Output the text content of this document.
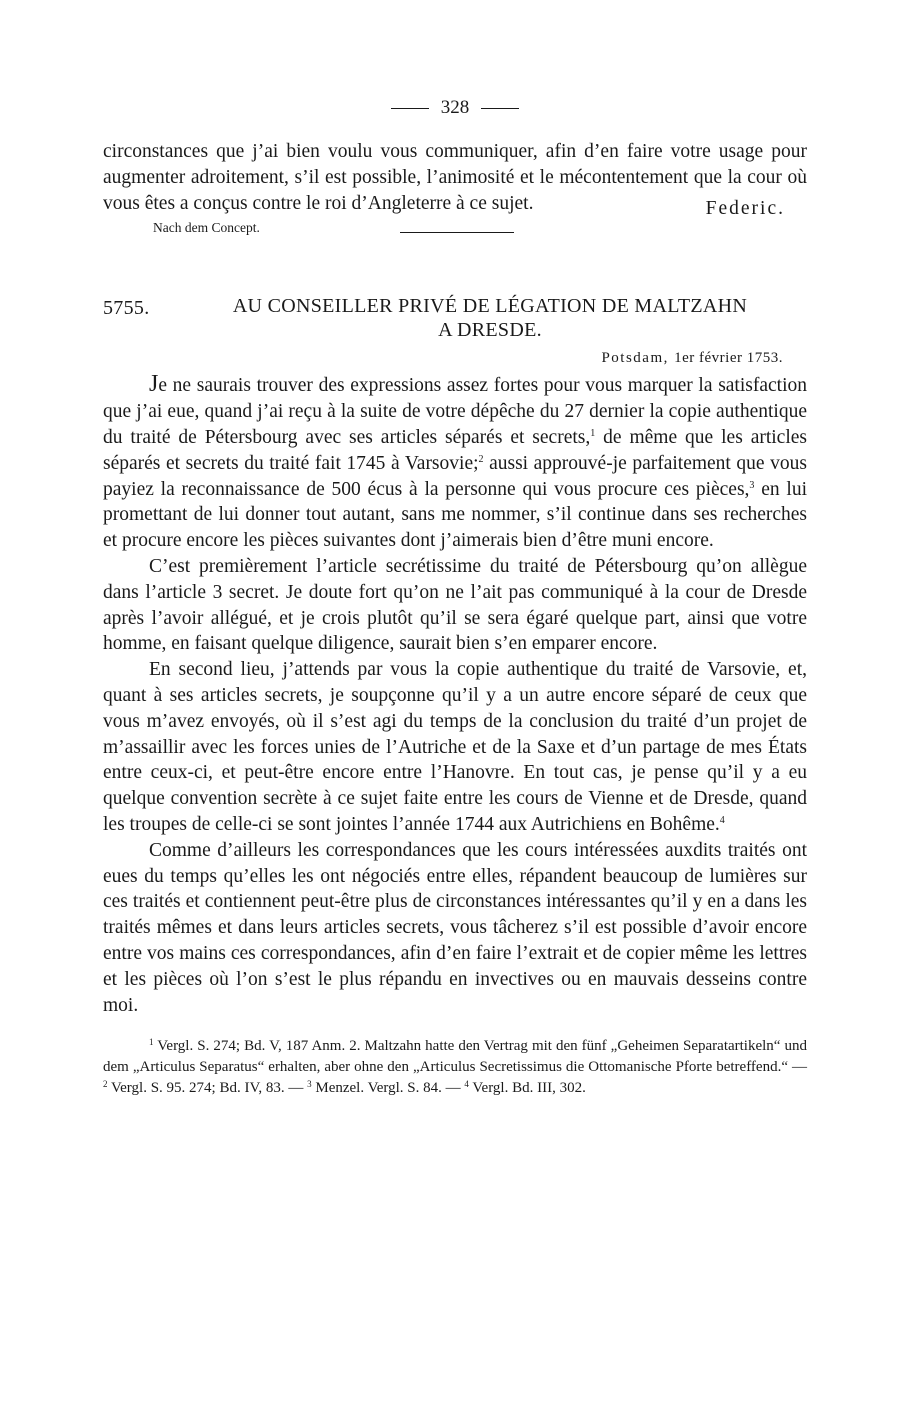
328

circonstances que j’ai bien voulu vous communiquer, afin d’en faire votre usage pour augmenter adroitement, s’il est possible, l’animosité et le mécontentement que la cour où vous êtes a conçus contre le roi d’Angleterre à ce sujet.	Federic.
Nach dem Concept.
5755.	AU CONSEILLER PRIVÉ DE LÉGATION DE MALTZAHN
A DRESDE.
Potsdam, 1er février 1753.

Je ne saurais trouver des expressions assez fortes pour vous marquer la satisfaction que j’ai eue, quand j’ai reçu à la suite de votre dépêche du 27 dernier la copie authentique du traité de Pétersbourg avec ses articles séparés et secrets,$^1$ de même que les articles séparés et secrets du traité fait 1745 à Varsovie;$^2$ aussi approuvé-je parfaitement que vous payiez la reconnaissance de 500 écus à la personne qui vous procure ces pièces,$^3$ en lui promettant de lui donner tout autant, sans me nommer, s’il continue dans ses recherches et procure encore les pièces suivantes dont j’aimerais bien d’être muni encore.

C’est premièrement l’article secrétissime du traité de Pétersbourg qu’on allègue dans l’article 3 secret. Je doute fort qu’on ne l’ait pas communiqué à la cour de Dresde après l’avoir allégué, et je crois plutôt qu’il se sera égaré quelque part, ainsi que votre homme, en faisant quelque diligence, saurait bien s’en emparer encore.

En second lieu, j’attends par vous la copie authentique du traité de Varsovie, et, quant à ses articles secrets, je soupçonne qu’il y a un autre encore séparé de ceux que vous m’avez envoyés, où il s’est agi du temps de la conclusion du traité d’un projet de m’assaillir avec les forces unies de l’Autriche et de la Saxe et d’un partage de mes États entre ceux-ci, et peut-être encore entre l’Hanovre. En tout cas, je pense qu’il y a eu quelque convention secrète à ce sujet faite entre les cours de Vienne et de Dresde, quand les troupes de celle-ci se sont jointes l’année 1744 aux Autrichiens en Bohême.$^4$

Comme d’ailleurs les correspondances que les cours intéressées auxdits traités ont eues du temps qu’elles les ont négociés entre elles, répandent beaucoup de lumières sur ces traités et contiennent peut-être plus de circonstances intéressantes qu’il y en a dans les traités mêmes et dans leurs articles secrets, vous tâcherez s’il est possible d’avoir encore entre vos mains ces correspondances, afin d’en faire l’extrait et de copier même les lettres et les pièces où l’on s’est le plus répandu en invectives ou en mauvais desseins contre moi.

$^1$ Vergl. S. 274; Bd. V, 187 Anm. 2. Maltzahn hatte den Vertrag mit den fünf „Geheimen Separatartikeln“ und dem „Articulus Separatus“ erhalten, aber ohne den „Articulus Secretissimus die Ottomanische Pforte betreffend.“ — $^2$ Vergl. S. 95. 274; Bd. IV, 83. — $^3$ Menzel. Vergl. S. 84. — $^4$ Vergl. Bd. III, 302.
